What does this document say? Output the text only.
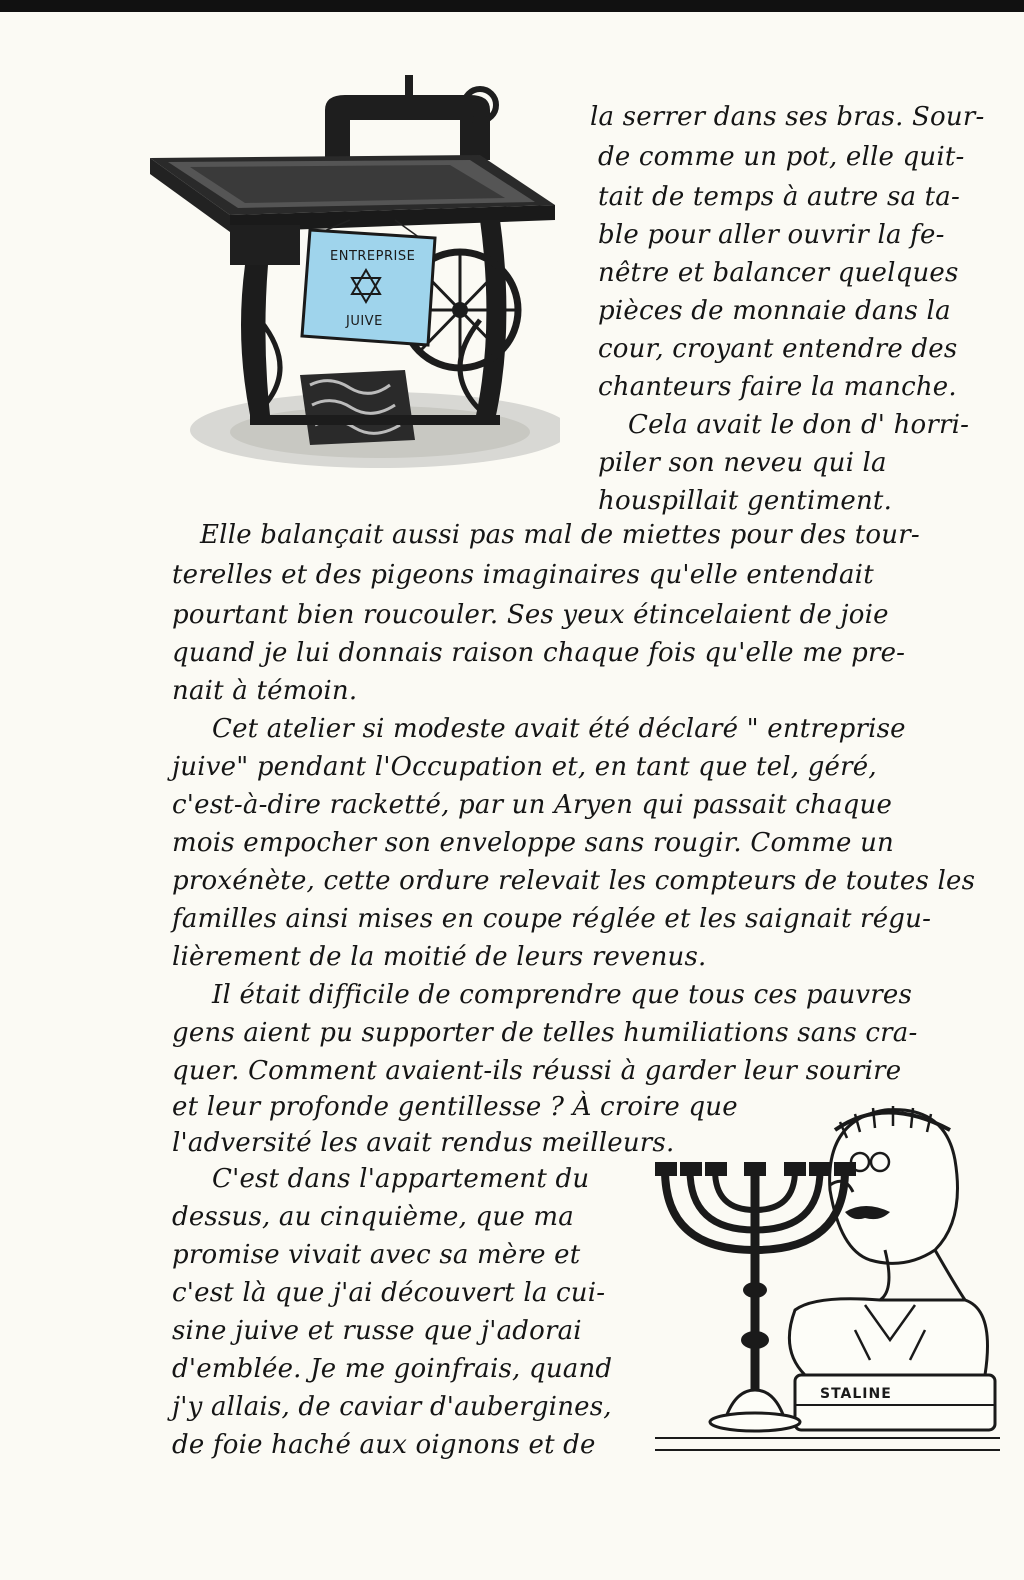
ENTREPRISE
JUIVE
STALINE
la serrer dans ses bras. Sour-
de comme un pot, elle quit-
tait de temps à autre sa ta-
ble pour aller ouvrir la fe-
nêtre et balancer quelques
pièces de monnaie dans la
cour, croyant entendre des
chanteurs faire la manche.
Cela avait le don d' horri-
piler son neveu qui la
houspillait gentiment.
Elle balançait aussi pas mal de miettes pour des tour-
terelles et des pigeons imaginaires qu'elle entendait
pourtant bien roucouler. Ses yeux étincelaient de joie
quand je lui donnais raison chaque fois qu'elle me pre-
nait à témoin.
Cet atelier si modeste avait été déclaré " entreprise
juive" pendant l'Occupation et, en tant que tel, géré,
c'est-à-dire racketté, par un Aryen qui passait chaque
mois empocher son enveloppe sans rougir. Comme un
proxénète, cette ordure relevait les compteurs de toutes les
familles ainsi mises en coupe réglée et les saignait régu-
lièrement de la moitié de leurs revenus.
Il était difficile de comprendre que tous ces pauvres
gens aient pu supporter de telles humiliations sans cra-
quer. Comment avaient-ils réussi à garder leur sourire
et leur profonde gentillesse ? À croire que
l'adversité les avait rendus meilleurs.
C'est dans l'appartement du
dessus, au cinquième, que ma
promise vivait avec sa mère et
c'est là que j'ai découvert la cui-
sine juive et russe que j'adorai
d'emblée. Je me goinfrais, quand
j'y allais, de caviar d'aubergines,
de foie haché aux oignons et de
